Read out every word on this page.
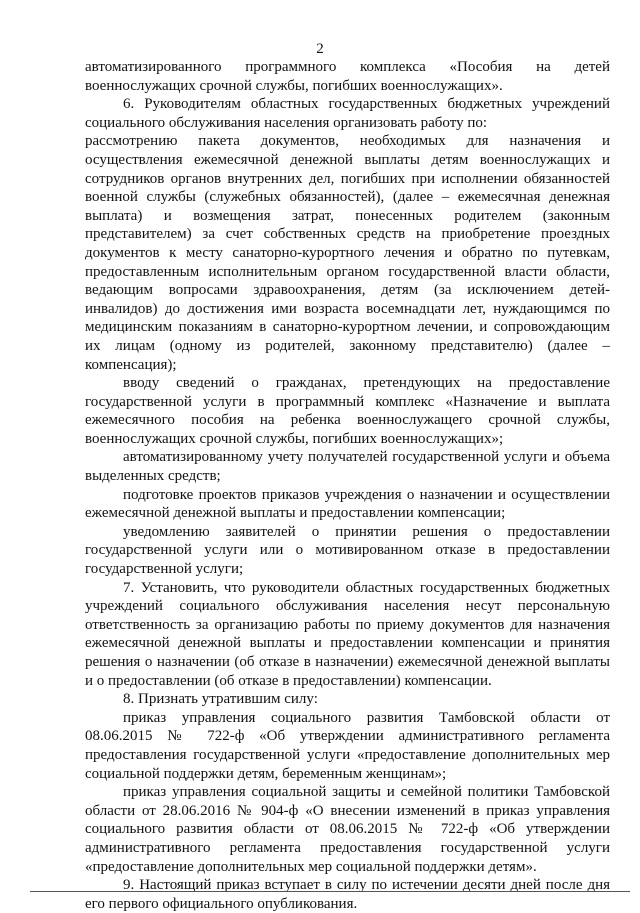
2
автоматизированного программного комплекса «Пособия на детей
военнослужащих срочной службы, погибших военнослужащих».
6. Руководителям областных государственных бюджетных учреждений
социального обслуживания населения организовать работу по:
рассмотрению пакета документов, необходимых для назначения и
осуществления ежемесячной денежной выплаты детям военнослужащих и
сотрудников органов внутренних дел, погибших при исполнении обязанностей
военной службы (служебных обязанностей), (далее – ежемесячная денежная
выплата) и возмещения затрат, понесенных родителем (законным
представителем) за счет собственных средств на приобретение проездных
документов к месту санаторно-курортного лечения и обратно по путевкам,
предоставленным исполнительным органом государственной власти области,
ведающим вопросами здравоохранения, детям (за исключением детей-
инвалидов) до достижения ими возраста восемнадцати лет, нуждающимся по
медицинским показаниям в санаторно-курортном лечении, и сопровождающим
их лицам (одному из родителей, законному представителю) (далее –
компенсация);
вводу сведений о гражданах, претендующих на предоставление
государственной услуги в программный комплекс «Назначение и выплата
ежемесячного пособия на ребенка военнослужащего срочной службы,
военнослужащих срочной службы, погибших военнослужащих»;
автоматизированному учету получателей государственной услуги и объема
выделенных средств;
подготовке проектов приказов учреждения о назначении и осуществлении
ежемесячной денежной выплаты и предоставлении компенсации;
уведомлению заявителей о принятии решения о предоставлении
государственной услуги или о мотивированном отказе в предоставлении
государственной услуги;
7. Установить, что руководители областных государственных бюджетных
учреждений социального обслуживания населения несут персональную
ответственность за организацию работы по приему документов для назначения
ежемесячной денежной выплаты и предоставлении компенсации и принятия
решения о назначении (об отказе в назначении) ежемесячной денежной выплаты
и о предоставлении (об отказе в предоставлении) компенсации.
8. Признать утратившим силу:
приказ управления социального развития Тамбовской области от
08.06.2015 № 722-ф «Об утверждении административного регламента
предоставления государственной услуги «предоставление дополнительных мер
социальной поддержки детям, беременным женщинам»;
приказ управления социальной защиты и семейной политики Тамбовской
области от 28.06.2016 № 904-ф «О внесении изменений в приказ управления
социального развития области от 08.06.2015 № 722-ф «Об утверждении
административного регламента предоставления государственной услуги
«предоставление дополнительных мер социальной поддержки детям».
9. Настоящий приказ вступает в силу по истечении десяти дней после дня
его первого официального опубликования.
